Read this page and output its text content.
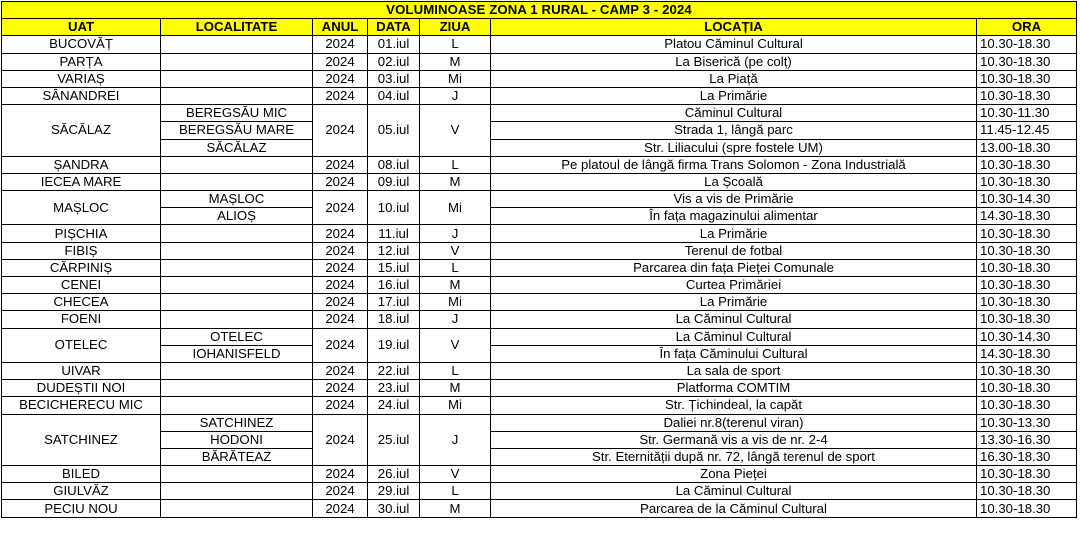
VOLUMINOASE ZONA 1 RURAL - CAMP 3 - 2024						
UAT	LOCALITATE	ANUL	DATA	ZIUA	LOCAȚIA	ORA
BUCOVĂȚ		2024	01.iul	L	Platou Căminul Cultural	10.30-18.30
PARȚA		2024	02.iul	M	La Biserică (pe colț)	10.30-18.30
VARIAȘ		2024	03.iul	Mi	La Piață	10.30-18.30
SÂNANDREI		2024	04.iul	J	La Primărie	10.30-18.30
SĂCĂLAZ	BEREGSĂU MIC	2024	05.iul	V	Căminul Cultural	10.30-11.30
	BEREGSĂU MARE				Strada 1, lângă parc	11.45-12.45
	SĂCĂLAZ				Str. Liliacului (spre fostele UM)	13.00-18.30
ȘANDRA		2024	08.iul	L	Pe platoul de lângă firma Trans Solomon - Zona Industrială	10.30-18.30
IECEA MARE		2024	09.iul	M	La Școală	10.30-18.30
MAȘLOC	MAȘLOC	2024	10.iul	Mi	Vis a vis de Primărie	10.30-14.30
	ALIOȘ				În fața magazinului alimentar	14.30-18.30
PIȘCHIA		2024	11.iul	J	La Primărie	10.30-18.30
FIBIȘ		2024	12.iul	V	Terenul de fotbal	10.30-18.30
CĂRPINIȘ		2024	15.iul	L	Parcarea din fața Pieței Comunale	10.30-18.30
CENEI		2024	16.iul	M	Curtea Primăriei	10.30-18.30
CHECEA		2024	17.iul	Mi	La Primărie	10.30-18.30
FOENI		2024	18.iul	J	La Căminul Cultural	10.30-18.30
OTELEC	OTELEC	2024	19.iul	V	La Căminul Cultural	10.30-14.30
	IOHANISFELD				În fața Căminului Cultural	14.30-18.30
UIVAR		2024	22.iul	L	La sala de sport	10.30-18.30
DUDEȘTII NOI		2024	23.iul	M	Platforma COMTIM	10.30-18.30
BECICHERECU MIC		2024	24.iul	Mi	Str. Țichindeal, la capăt	10.30-18.30
SATCHINEZ	SATCHINEZ	2024	25.iul	J	Daliei nr.8(terenul viran)	10.30-13.30
	HODONI				Str. Germană vis a vis de nr. 2-4	13.30-16.30
	BĂRĂTEAZ				Str. Eternității după nr. 72, lângă terenul de sport	16.30-18.30
BILED		2024	26.iul	V	Zona Pieței	10.30-18.30
GIULVĂZ		2024	29.iul	L	La Căminul Cultural	10.30-18.30
PECIU NOU		2024	30.iul	M	Parcarea de la Căminul Cultural	10.30-18.30
